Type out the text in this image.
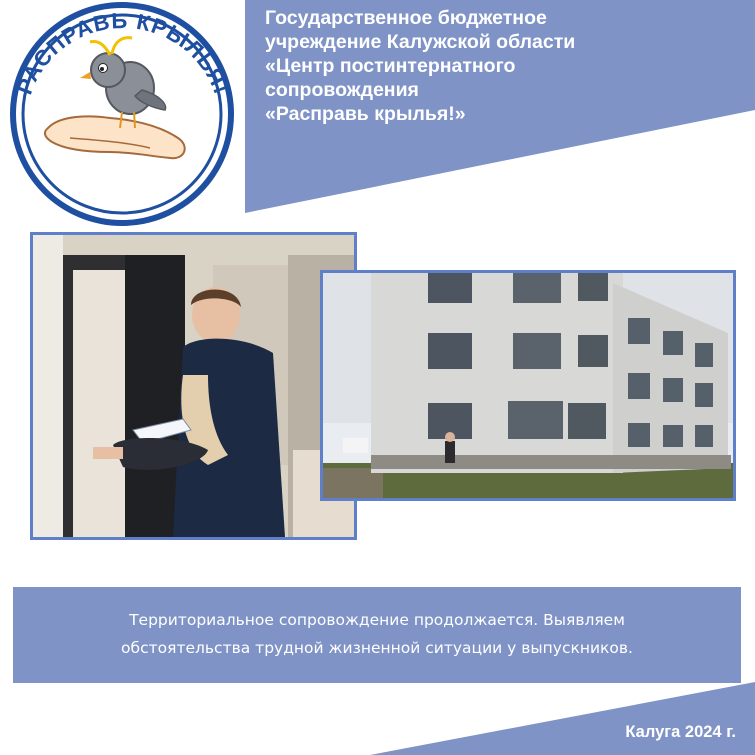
Государственное бюджетное
учреждение Калужской области
«Центр постинтернатного
сопровождения
«Расправь крылья!»
РАСПРАВЬ КРЫЛЬЯ!
Территориальное сопровождение продолжается. Выявляем
обстоятельства трудной жизненной ситуации у выпускников.
Калуга 2024 г.
